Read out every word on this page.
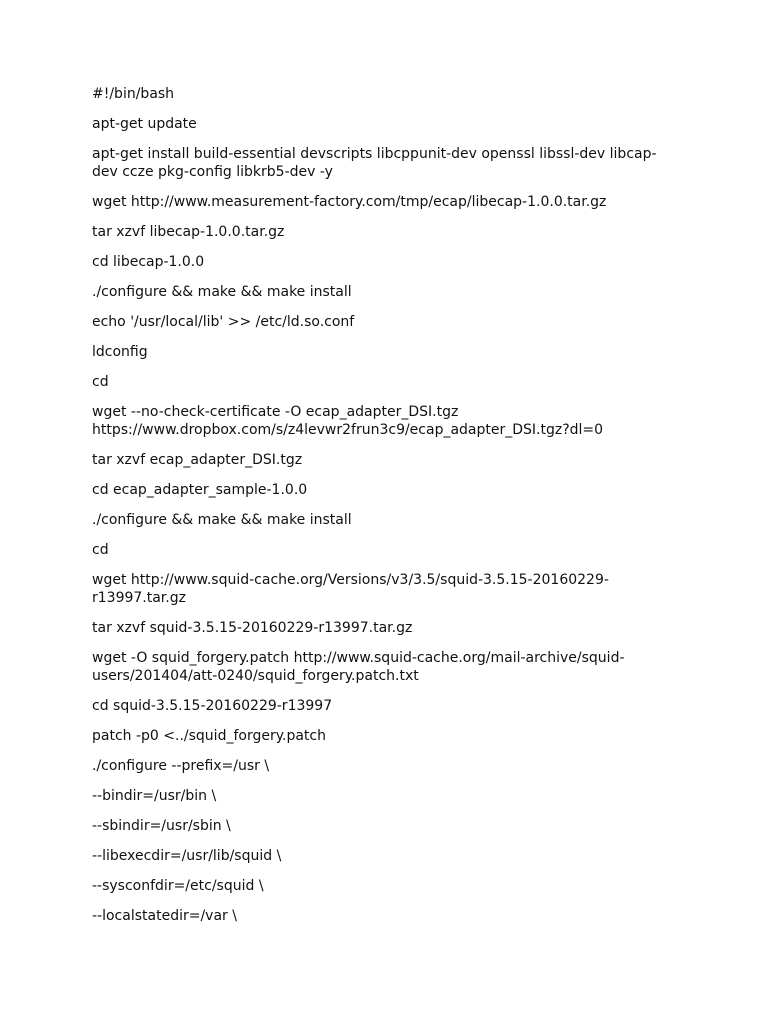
#!/bin/bash

apt-get update

apt-get install build-essential devscripts libcppunit-dev openssl libssl-dev libcap-dev ccze pkg-config libkrb5-dev -y

wget http://www.measurement-factory.com/tmp/ecap/libecap-1.0.0.tar.gz

tar xzvf libecap-1.0.0.tar.gz

cd libecap-1.0.0

./configure && make && make install

echo '/usr/local/lib' >> /etc/ld.so.conf

ldconfig

cd

wget --no-check-certificate -O ecap_adapter_DSI.tgz https://www.dropbox.com/s/z4levwr2frun3c9/ecap_adapter_DSI.tgz?dl=0

tar xzvf ecap_adapter_DSI.tgz

cd ecap_adapter_sample-1.0.0

./configure && make && make install

cd

wget http://www.squid-cache.org/Versions/v3/3.5/squid-3.5.15-20160229-r13997.tar.gz

tar xzvf squid-3.5.15-20160229-r13997.tar.gz

wget -O squid_forgery.patch http://www.squid-cache.org/mail-archive/squid-users/201404/att-0240/squid_forgery.patch.txt

cd squid-3.5.15-20160229-r13997

patch -p0 <../squid_forgery.patch

./configure --prefix=/usr \

--bindir=/usr/bin \

--sbindir=/usr/sbin \

--libexecdir=/usr/lib/squid \

--sysconfdir=/etc/squid \

--localstatedir=/var \
